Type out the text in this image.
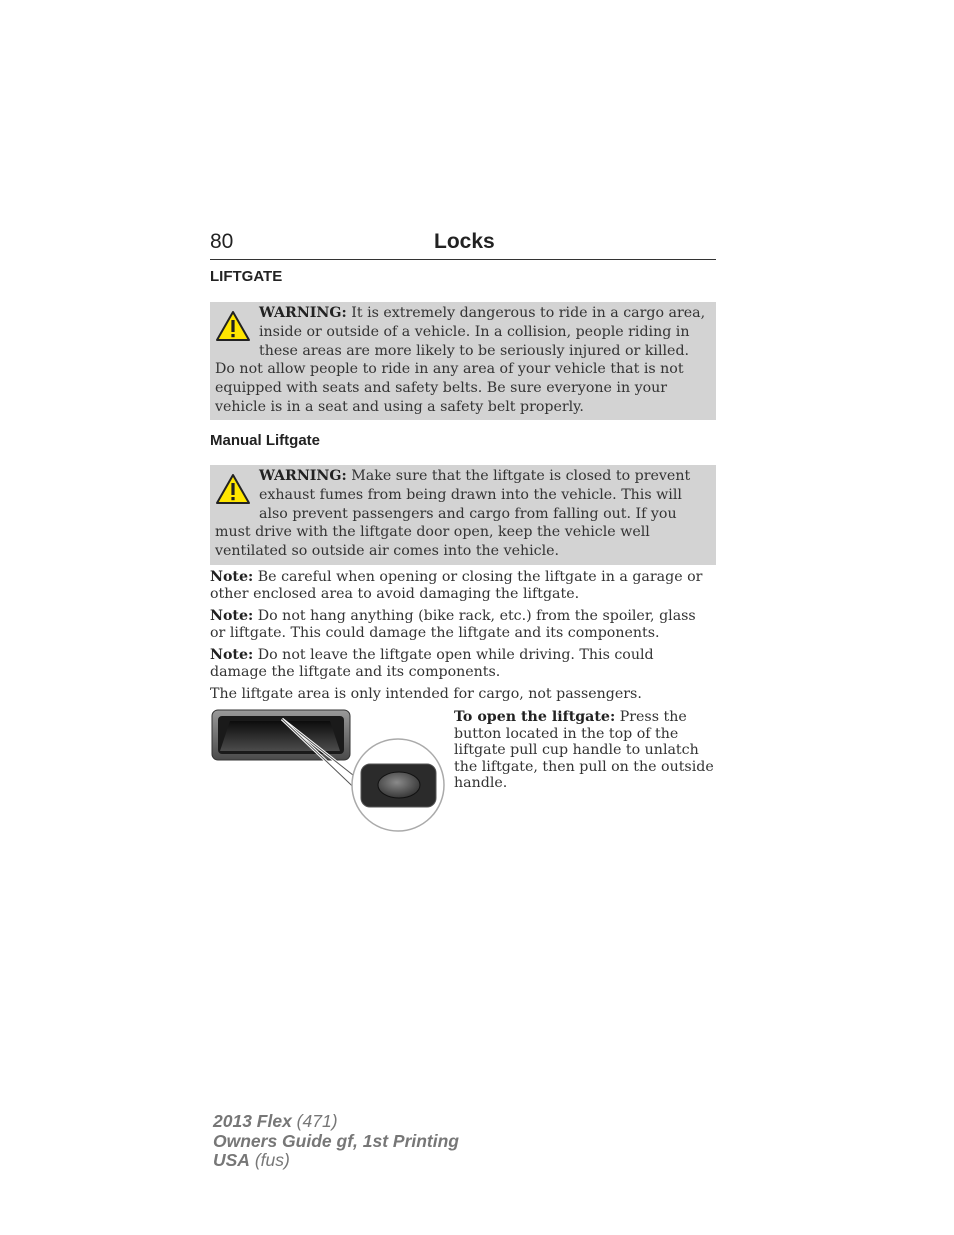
80	Locks
LIFTGATE
WARNING: It is extremely dangerous to ride in a cargo area, inside or outside of a vehicle. In a collision, people riding in these areas are more likely to be seriously injured or killed. Do not allow people to ride in any area of your vehicle that is not equipped with seats and safety belts. Be sure everyone in your vehicle is in a seat and using a safety belt properly.
Manual Liftgate
WARNING: Make sure that the liftgate is closed to prevent exhaust fumes from being drawn into the vehicle. This will also prevent passengers and cargo from falling out. If you must drive with the liftgate door open, keep the vehicle well ventilated so outside air comes into the vehicle.
Note: Be careful when opening or closing the liftgate in a garage or other enclosed area to avoid damaging the liftgate.
Note: Do not hang anything (bike rack, etc.) from the spoiler, glass or liftgate. This could damage the liftgate and its components.
Note: Do not leave the liftgate open while driving. This could damage the liftgate and its components.
The liftgate area is only intended for cargo, not passengers.
To open the liftgate: Press the button located in the top of the liftgate pull cup handle to unlatch the liftgate, then pull on the outside handle.
2013 Flex (471)
Owners Guide gf, 1st Printing
USA (fus)
